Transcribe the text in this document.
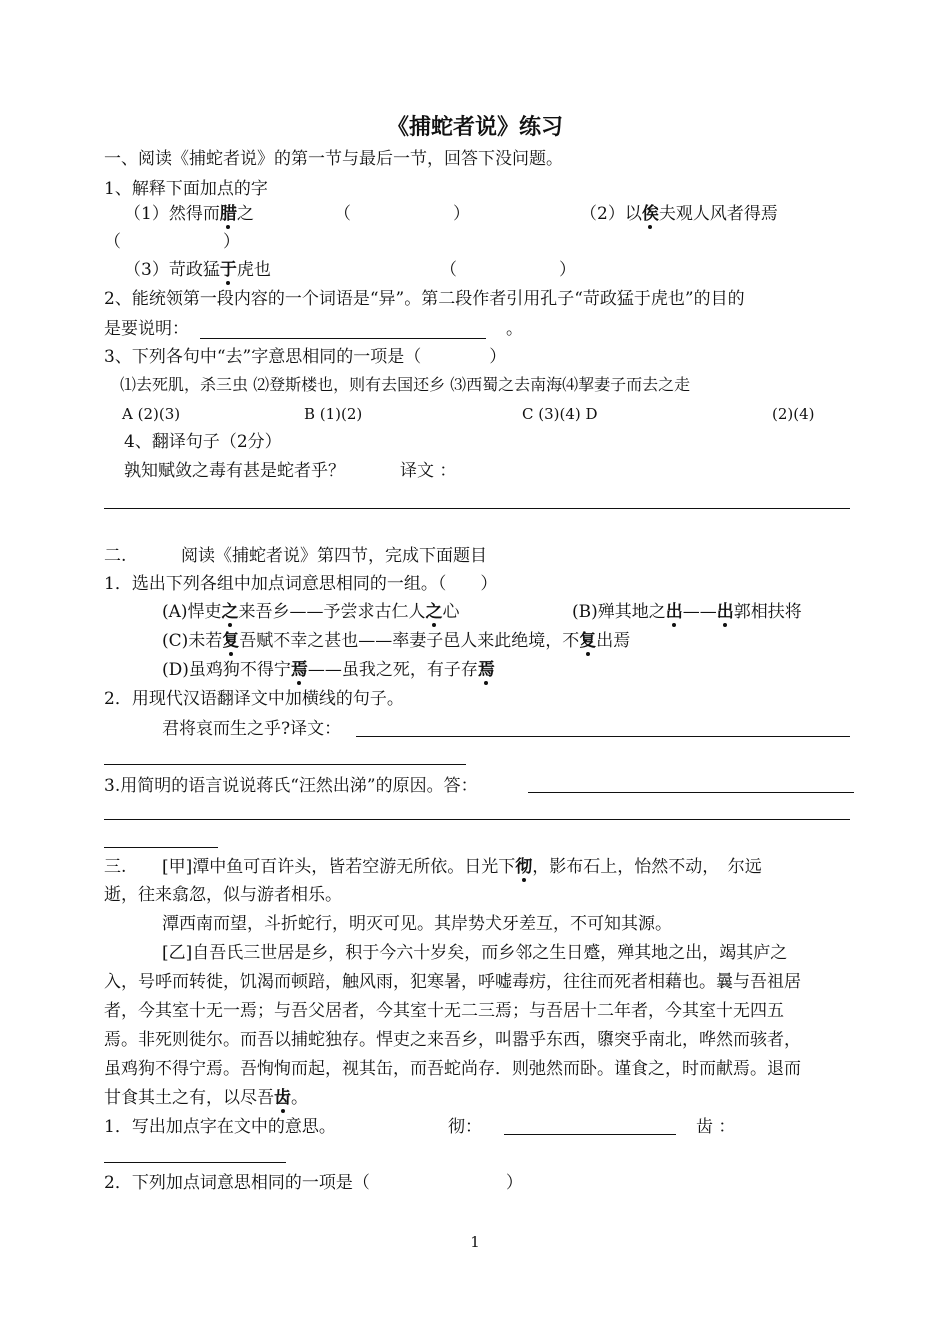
《捕蛇者说》练习
一、阅读《捕蛇者说》的第一节与最后一节，回答下没问题。
1、解释下面加点的字
（1）然得而腊之	（　　　　　　）	（2）以俟夫观人风者得焉
（　　　　　　）
（3）苛政猛于虎也	（　　　　　　）
2、能统领第一段内容的一个词语是“异”。第二段作者引用孔子“苛政猛于虎也”的目的
是要说明：	。
3、下列各句中“去”字意思相同的一项是（　　　　）
⑴去死肌，杀三虫 ⑵登斯楼也，则有去国还乡 ⑶西蜀之去南海⑷挈妻子而去之走
A (2)(3)	B (1)(2)	C (3)(4) D	(2)(4)
4、翻译句子（2分）
孰知赋敛之毒有甚是蛇者乎？	译文 ：
二.	阅读《捕蛇者说》第四节，完成下面题目
1．选出下列各组中加点词意思相同的一组。（　　）
(A)悍吏之来吾乡——予尝求古仁人之心	(B)殚其地之出——出郭相扶将
(C)未若复吾赋不幸之甚也——率妻子邑人来此绝境，不复出焉
(D)虽鸡狗不得宁焉——虽我之死，有子存焉
2．用现代汉语翻译文中加横线的句子。
君将哀而生之乎?译文：
3.用简明的语言说说蒋氏“汪然出涕”的原因。答：
三. [甲]潭中鱼可百许头，皆若空游无所依。日光下彻，影布石上，怡然不动，　尔远
逝，往来翕忽，似与游者相乐。
潭西南而望，斗折蛇行，明灭可见。其岸势犬牙差互，不可知其源。
[乙]自吾氏三世居是乡，积于今六十岁矣，而乡邻之生日蹙，殚其地之出，竭其庐之
入，号呼而转徙，饥渴而顿踣，触风雨，犯寒暑，呼嘘毒疠，往往而死者相藉也。曩与吾祖居
者，今其室十无一焉；与吾父居者，今其室十无二三焉；与吾居十二年者，今其室十无四五
焉。非死则徙尔。而吾以捕蛇独存。悍吏之来吾乡，叫嚣乎东西，隳突乎南北，哗然而骇者，
虽鸡狗不得宁焉。吾恂恂而起，视其缶，而吾蛇尚存．则弛然而卧。谨食之，时而献焉。退而
甘食其土之有，以尽吾齿。
1．写出加点字在文中的意思。	彻：	齿 ：
2．下列加点词意思相同的一项是（　　　　　　　　）
1
